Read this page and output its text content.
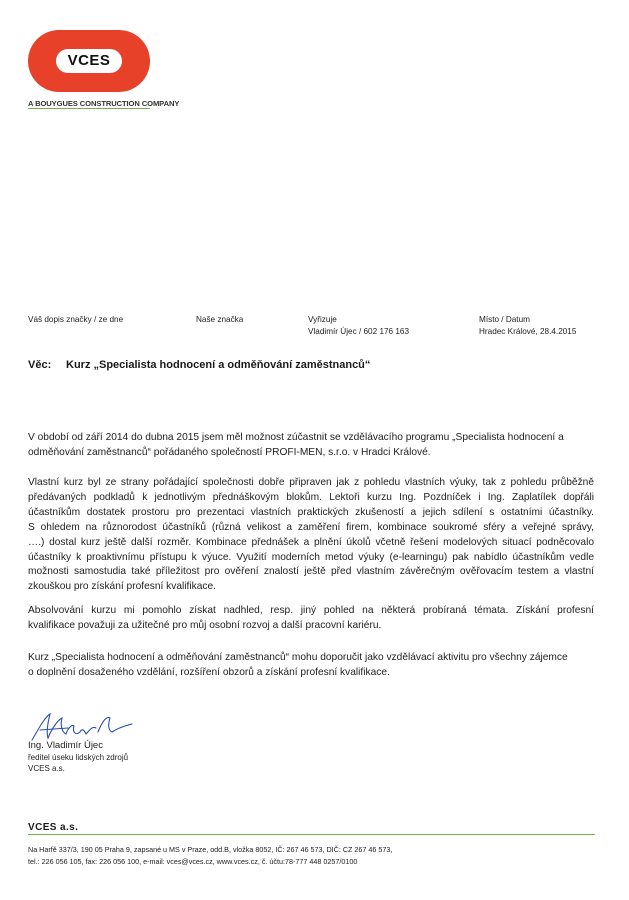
VCES
A BOUYGUES CONSTRUCTION COMPANY
Váš dopis značky / ze dne	Naše značka	Vyřizuje
Vladimír Újec / 602 176 163
Místo / Datum
Hradec Králové, 28.4.2015
Věc: Kurz „Specialista hodnocení a odměňování zaměstnanců“
V období od září 2014 do dubna 2015 jsem měl možnost zúčastnit se vzdělávacího programu „Specialista hodnocení a
odměňování zaměstnanců“ pořádaného společností PROFI-MEN, s.r.o. v Hradci Králové.
Vlastní kurz byl ze strany pořádající společnosti dobře připraven jak z pohledu vlastních výuky, tak z pohledu průběžně
předávaných podkladů k jednotlivým přednáškovým blokům. Lektoři kurzu Ing. Pozdníček i Ing. Zaplatílek dopřáli
účastníkům dostatek prostoru pro prezentaci vlastních praktických zkušeností a jejich sdílení s ostatními účastníky.
S ohledem na různorodost účastníků (různá velikost a zaměření firem, kombinace soukromé sféry a veřejné správy,
….) dostal kurz ještě další rozměr. Kombinace přednášek a plnění úkolů včetně řešení modelových situací podněcovalo
účastníky k proaktivnímu přístupu k výuce. Využití moderních metod výuky (e-learningu) pak nabídlo účastníkům vedle
možnosti samostudia také příležitost pro ověření znalostí ještě před vlastním závěrečným ověřovacím testem a vlastní
zkouškou pro získání profesní kvalifikace.
Absolvování kurzu mi pomohlo získat nadhled, resp. jiný pohled na některá probíraná témata. Získání profesní
kvalifikace považuji za užitečné pro můj osobní rozvoj a další pracovní kariéru.
Kurz „Specialista hodnocení a odměňování zaměstnanců“ mohu doporučit jako vzdělávací aktivitu pro všechny zájemce
o doplnění dosaženého vzdělání, rozšíření obzorů a získání profesní kvalifikace.
Ing. Vladimír Újec
ředitel úseku lidských zdrojů
VCES a.s.
VCES a.s.
Na Harfě 337/3, 190 05 Praha 9, zapsané u MS v Praze, odd.B, vložka 8052, IČ: 267 46 573, DIČ: CZ 267 46 573,
tel.: 226 056 105, fax: 226 056 100, e-mail: vces@vces.cz, www.vces.cz, č. účtu:78-777 448 0257/0100
